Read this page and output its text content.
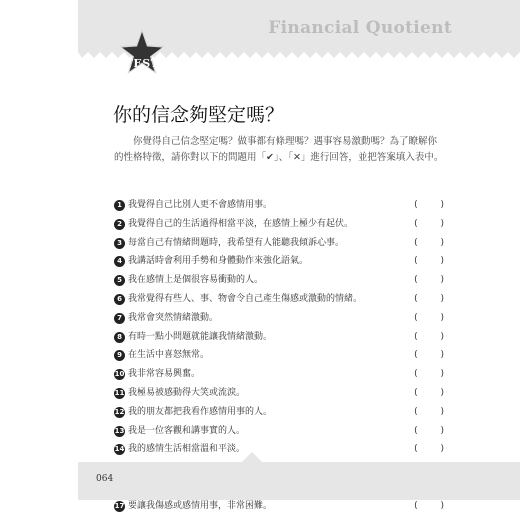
Financial Quotient
TEST
你的信念夠堅定嗎？
你覺得自己信念堅定嗎？做事都有條理嗎？遇事容易激動嗎？為了瞭解你的性格特徵，請你對以下的問題用「✔」、「✕」進行回答，並把答案填入表中。
1 我覺得自己比別人更不會感情用事。	(        )
2 我覺得自己的生活過得相當平淡，在感情上極少有起伏。	(        )
3 每當自己有情緒問題時，我希望有人能聽我傾訴心事。	(        )
4 我講話時會利用手勢和身體動作來強化語氣。	(        )
5 我在感情上是個很容易衝動的人。	(        )
6 我常覺得有些人、事、物會令自己產生傷感或激動的情緒。	(        )
7 我常會突然情緒激動。	(        )
8 有時一點小問題就能讓我情緒激動。	(        )
9 在生活中喜怒無常。	(        )
10 我非常容易興奮。	(        )
11 我極易被感動得大笑或流淚。	(        )
12 我的朋友都把我看作感情用事的人。	(        )
13 我是一位客觀和講事實的人。	(        )
14 我的感情生活相當溫和平淡。	(        )
17 要讓我傷感或感情用事，非常困難。	(        )
064
